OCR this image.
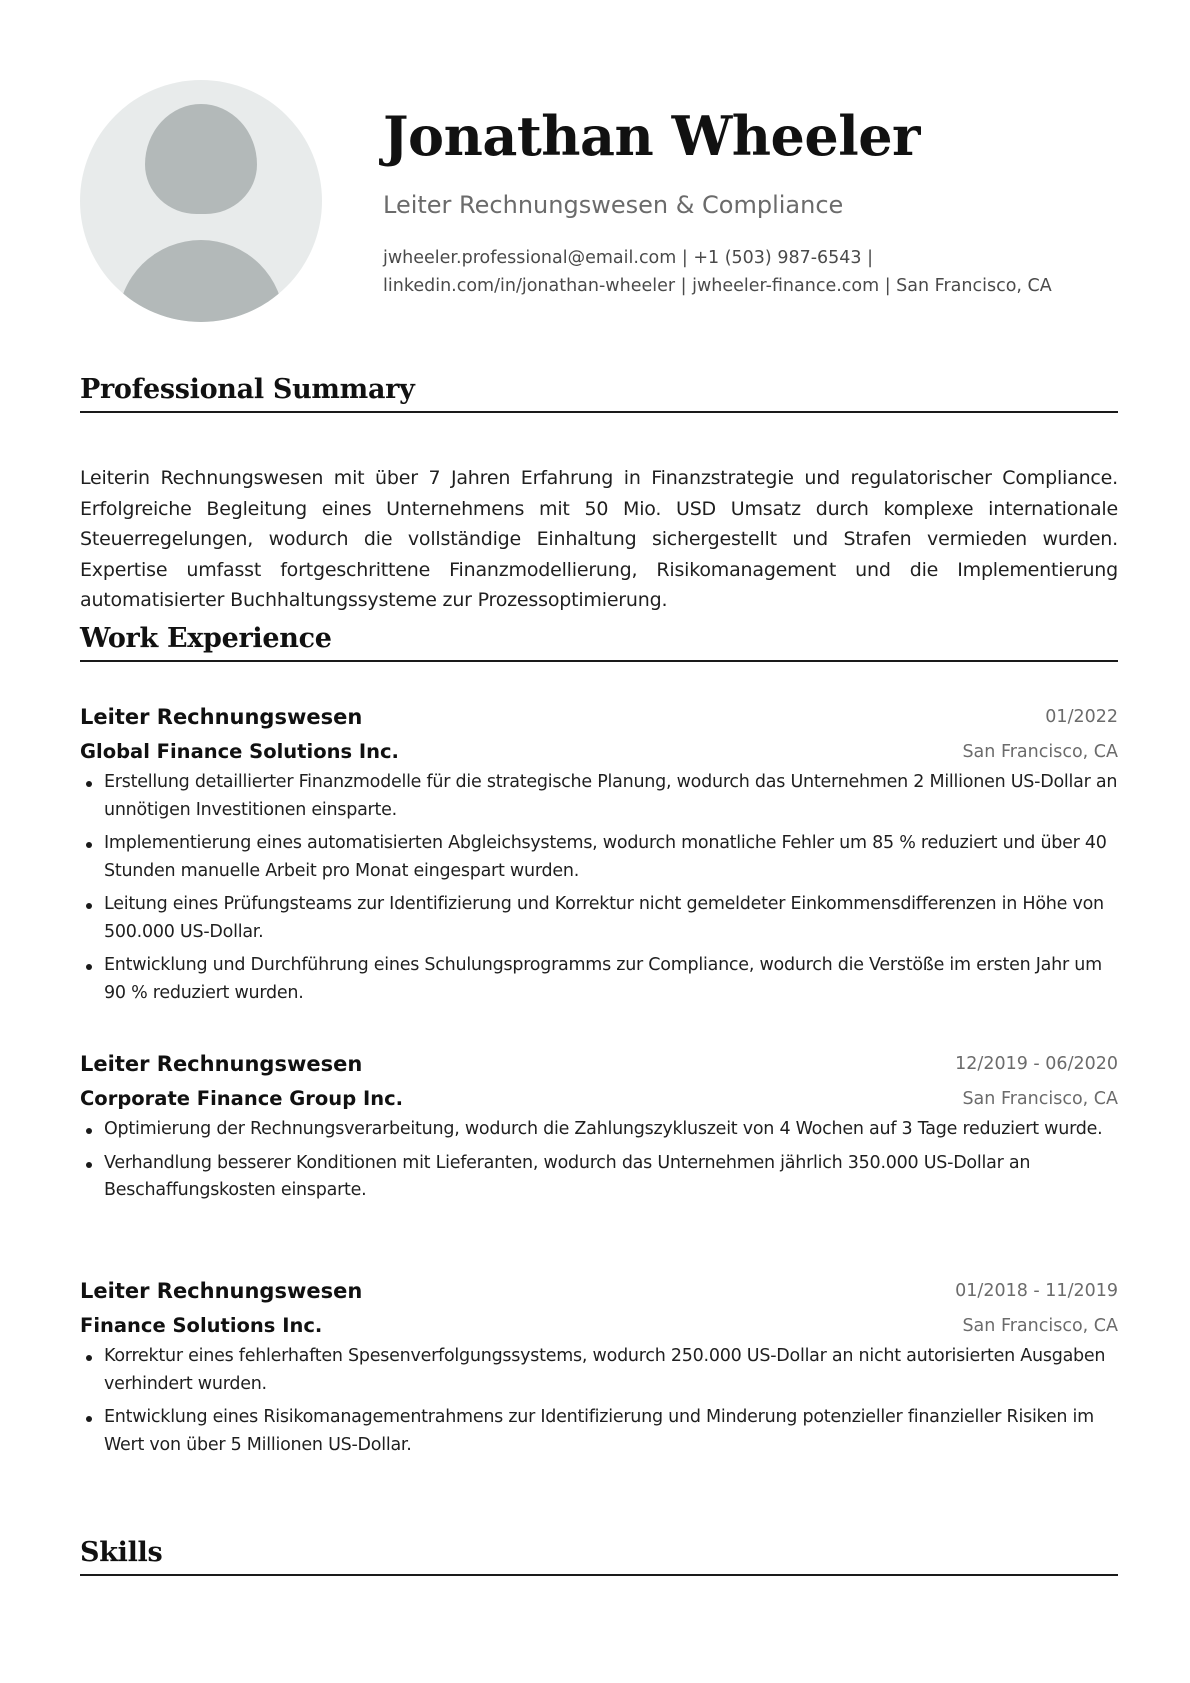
Jonathan Wheeler
Leiter Rechnungswesen & Compliance
jwheeler.professional@email.com | +1 (503) 987-6543 |
linkedin.com/in/jonathan-wheeler | jwheeler-finance.com | San Francisco, CA
Professional Summary
Leiterin Rechnungswesen mit über 7 Jahren Erfahrung in Finanzstrategie und regulatorischer Compliance. Erfolgreiche Begleitung eines Unternehmens mit 50 Mio. USD Umsatz durch komplexe internationale Steuerregelungen, wodurch die vollständige Einhaltung sichergestellt und Strafen vermieden wurden. Expertise umfasst fortgeschrittene Finanzmodellierung, Risikomanagement und die Implementierung automatisierter Buchhaltungssysteme zur Prozessoptimierung.
Work Experience
Leiter Rechnungswesen	01/2022
Global Finance Solutions Inc.	San Francisco, CA
Erstellung detaillierter Finanzmodelle für die strategische Planung, wodurch das Unternehmen 2 Millionen US-Dollar an unnötigen Investitionen einsparte.
Implementierung eines automatisierten Abgleichsystems, wodurch monatliche Fehler um 85 % reduziert und über 40 Stunden manuelle Arbeit pro Monat eingespart wurden.
Leitung eines Prüfungsteams zur Identifizierung und Korrektur nicht gemeldeter Einkommensdifferenzen in Höhe von 500.000 US-Dollar.
Entwicklung und Durchführung eines Schulungsprogramms zur Compliance, wodurch die Verstöße im ersten Jahr um 90 % reduziert wurden.
Leiter Rechnungswesen	12/2019 - 06/2020
Corporate Finance Group Inc.	San Francisco, CA
Optimierung der Rechnungsverarbeitung, wodurch die Zahlungszykluszeit von 4 Wochen auf 3 Tage reduziert wurde.
Verhandlung besserer Konditionen mit Lieferanten, wodurch das Unternehmen jährlich 350.000 US-Dollar an Beschaffungskosten einsparte.
Leiter Rechnungswesen	01/2018 - 11/2019
Finance Solutions Inc.	San Francisco, CA
Korrektur eines fehlerhaften Spesenverfolgungssystems, wodurch 250.000 US-Dollar an nicht autorisierten Ausgaben verhindert wurden.
Entwicklung eines Risikomanagementrahmens zur Identifizierung und Minderung potenzieller finanzieller Risiken im Wert von über 5 Millionen US-Dollar.
Skills
